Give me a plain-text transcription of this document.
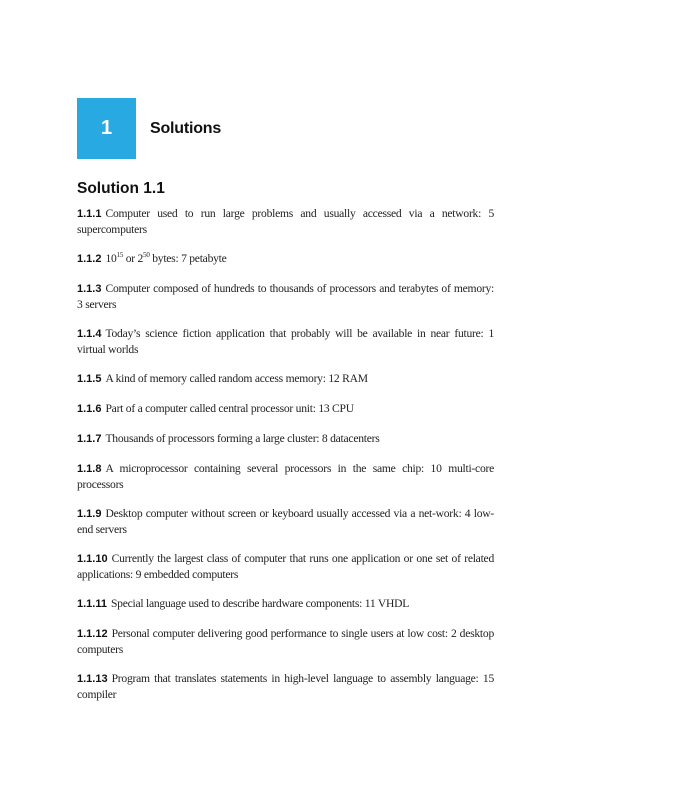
1 Solutions
Solution 1.1
1.1.1 Computer used to run large problems and usually accessed via a network: 5 supercomputers
1.1.2 $10^{15}$ or $2^{50}$ bytes: 7 petabyte
1.1.3 Computer composed of hundreds to thousands of processors and terabytes of memory: 3 servers
1.1.4 Today’s science fiction application that probably will be available in near future: 1 virtual worlds
1.1.5 A kind of memory called random access memory: 12 RAM
1.1.6 Part of a computer called central processor unit: 13 CPU
1.1.7 Thousands of processors forming a large cluster: 8 datacenters
1.1.8 A microprocessor containing several processors in the same chip: 10 multi-core processors
1.1.9 Desktop computer without screen or keyboard usually accessed via a net-work: 4 low-end servers
1.1.10 Currently the largest class of computer that runs one application or one set of related applications: 9 embedded computers
1.1.11 Special language used to describe hardware components: 11 VHDL
1.1.12 Personal computer delivering good performance to single users at low cost: 2 desktop computers
1.1.13 Program that translates statements in high-level language to assembly language: 15 compiler
